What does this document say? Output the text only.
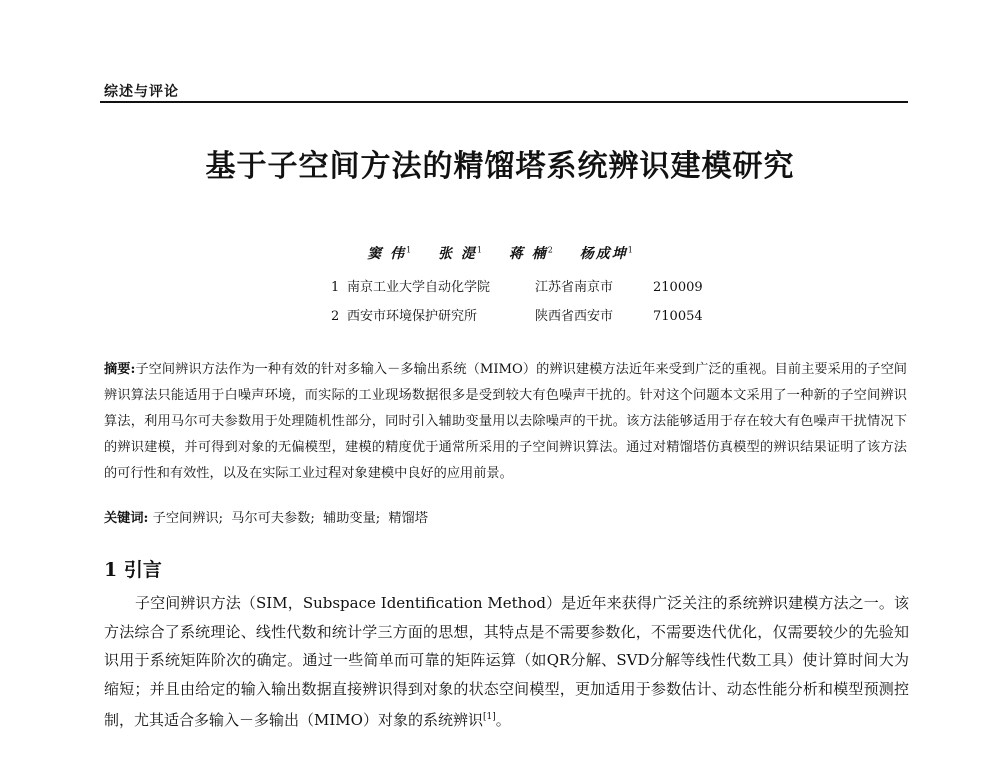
综述与评论
基于子空间方法的精馏塔系统辨识建模研究
窦 伟$^1$ 张 湜$^1$ 蒋 楠$^2$ 杨成坤$^1$
1 南京工业大学自动化学院	江苏省南京市	210009
2 西安市环境保护研究所	陕西省西安市	710054
摘要:子空间辨识方法作为一种有效的针对多输入－多输出系统（MIMO）的辨识建模方法近年来受到广泛的重视。目前主要采用的子空间辨识算法只能适用于白噪声环境，而实际的工业现场数据很多是受到较大有色噪声干扰的。针对这个问题本文采用了一种新的子空间辨识算法，利用马尔可夫参数用于处理随机性部分，同时引入辅助变量用以去除噪声的干扰。该方法能够适用于存在较大有色噪声干扰情况下的辨识建模，并可得到对象的无偏模型，建模的精度优于通常所采用的子空间辨识算法。通过对精馏塔仿真模型的辨识结果证明了该方法的可行性和有效性，以及在实际工业过程对象建模中良好的应用前景。
关键词: 子空间辨识; 马尔可夫参数; 辅助变量; 精馏塔
1 引言
子空间辨识方法（SIM，Subspace Identification Method）是近年来获得广泛关注的系统辨识建模方法之一。该方法综合了系统理论、线性代数和统计学三方面的思想，其特点是不需要参数化，不需要迭代优化，仅需要较少的先验知识用于系统矩阵阶次的确定。通过一些简单而可靠的矩阵运算（如QR分解、SVD分解等线性代数工具）使计算时间大为缩短；并且由给定的输入输出数据直接辨识得到对象的状态空间模型，更加适用于参数估计、动态性能分析和模型预测控制，尤其适合多输入－多输出（MIMO）对象的系统辨识[1]。
